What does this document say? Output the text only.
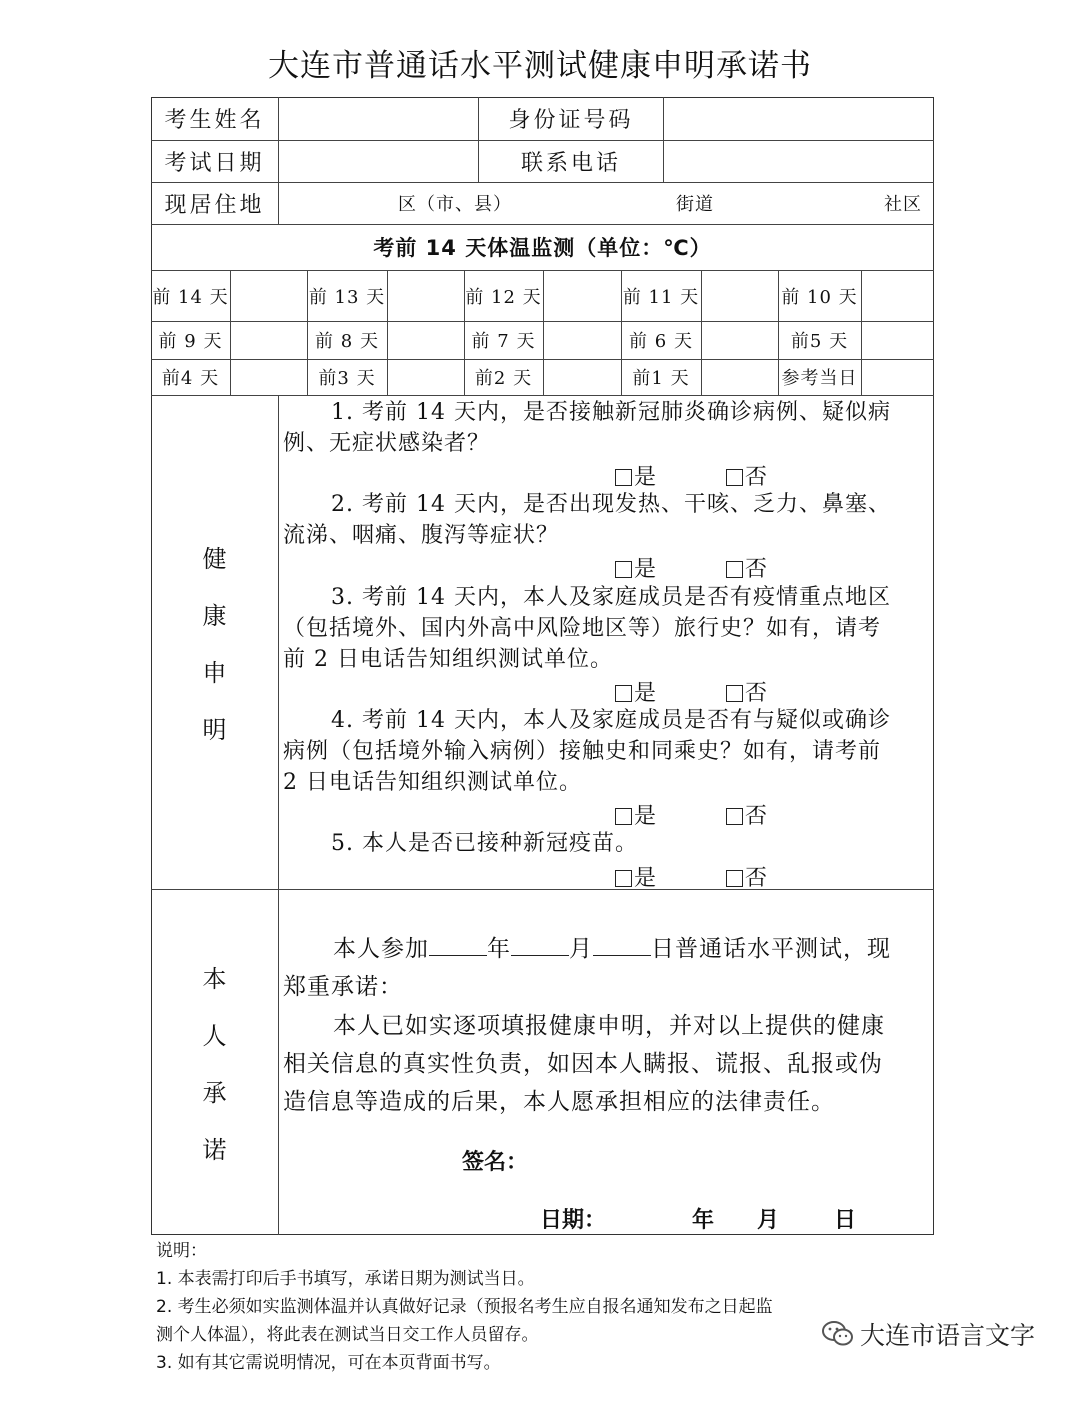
大连市普通话水平测试健康申明承诺书
考生姓名	身份证号码
考试日期	联系电话
现居住地	区（市、县）	街道	社区
考前 14 天体温监测（单位：℃）
前 14 天	前 13 天	前 12 天	前 11 天	前 10 天
前 9 天	前 8 天	前 7 天	前 6 天	前5 天
前4 天	前3 天	前2 天	前1 天	参考当日
健
康
申
明
1. 考前 14 天内，是否接触新冠肺炎确诊病例、疑似病
例、无症状感染者？
是	否
2. 考前 14 天内，是否出现发热、干咳、乏力、鼻塞、
流涕、咽痛、腹泻等症状？
是	否
3. 考前 14 天内，本人及家庭成员是否有疫情重点地区
（包括境外、国内外高中风险地区等）旅行史？如有，请考
前 2 日电话告知组织测试单位。
是	否
4. 考前 14 天内，本人及家庭成员是否有与疑似或确诊
病例（包括境外输入病例）接触史和同乘史？如有，请考前
2 日电话告知组织测试单位。
是	否
5. 本人是否已接种新冠疫苗。
是	否
本
人
承
诺
本人参加	年	月	日普通话水平测试，现
郑重承诺：
本人已如实逐项填报健康申明，并对以上提供的健康
相关信息的真实性负责，如因本人瞒报、谎报、乱报或伪
造信息等造成的后果，本人愿承担相应的法律责任。
签名：
日期：	年 月 日
说明：
1. 本表需打印后手书填写，承诺日期为测试当日。
2. 考生必须如实监测体温并认真做好记录（预报名考生应自报名通知发布之日起监
测个人体温），将此表在测试当日交工作人员留存。
3. 如有其它需说明情况，可在本页背面书写。
大连市语言文字
